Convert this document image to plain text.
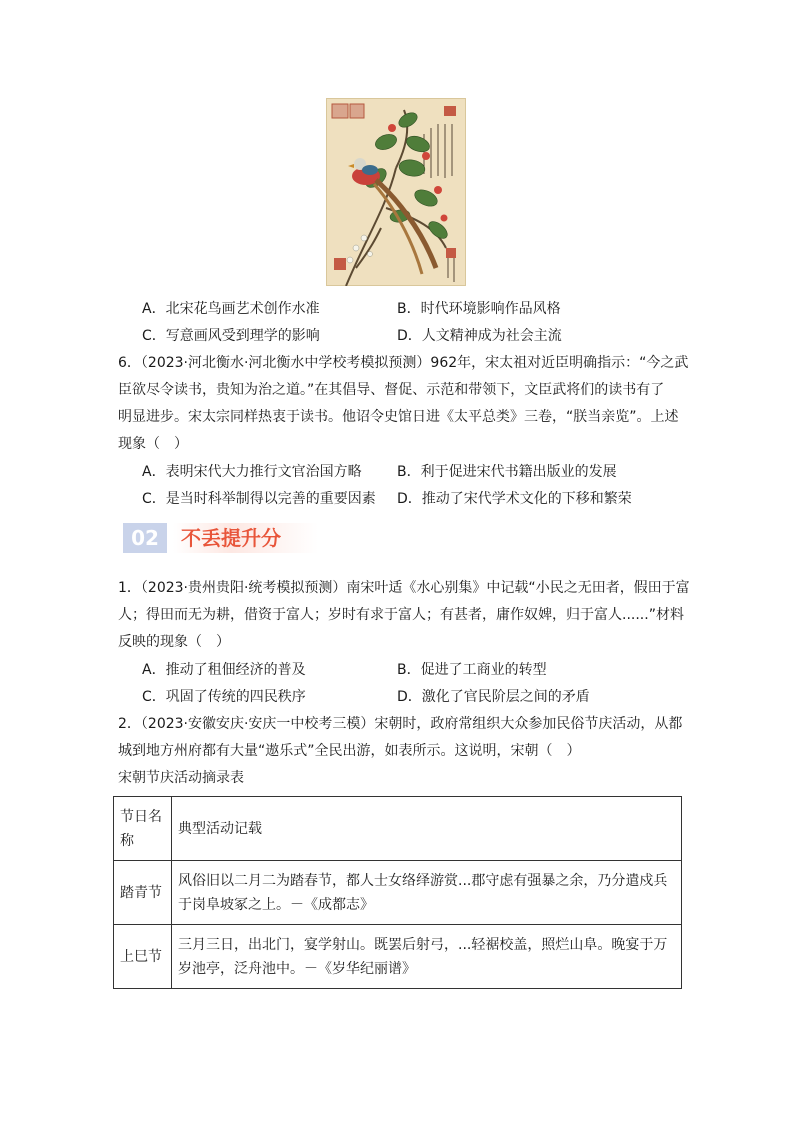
A．北宋花鸟画艺术创作水准	B．时代环境影响作品风格
C．写意画风受到理学的影响	D．人文精神成为社会主流
6．（2023·河北衡水·河北衡水中学校考模拟预测）962年，宋太祖对近臣明确指示：“今之武
臣欲尽令读书，贵知为治之道。”在其倡导、督促、示范和带领下，文臣武将们的读书有了
明显进步。宋太宗同样热衷于读书。他诏令史馆日进《太平总类》三卷，“朕当亲览”。上述
现象（　）
A．表明宋代大力推行文官治国方略	B．利于促进宋代书籍出版业的发展
C．是当时科举制得以完善的重要因素 D．推动了宋代学术文化的下移和繁荣
02	不丢提升分
1．（2023·贵州贵阳·统考模拟预测）南宋叶适《水心别集》中记载“小民之无田者，假田于富
人；得田而无为耕，借资于富人；岁时有求于富人；有甚者，庸作奴婢，归于富人......”材料
反映的现象（　）
A．推动了租佃经济的普及	B．促进了工商业的转型
C．巩固了传统的四民秩序	D．激化了官民阶层之间的矛盾
2．（2023·安徽安庆·安庆一中校考三模）宋朝时，政府常组织大众参加民俗节庆活动，从都
城到地方州府都有大量“遨乐式”全民出游，如表所示。这说明，宋朝（　）
宋朝节庆活动摘录表
节日名称	典型活动记载
踏青节	风俗旧以二月二为踏春节，都人士女络绎游赏...郡守虑有强暴之余，乃分遣戍兵于岗阜坡冢之上。－《成都志》
上巳节	三月三日，出北门，宴学射山。既罢后射弓，...轻裾校盖，照烂山阜。晚宴于万岁池亭，泛舟池中。－《岁华纪丽谱》
